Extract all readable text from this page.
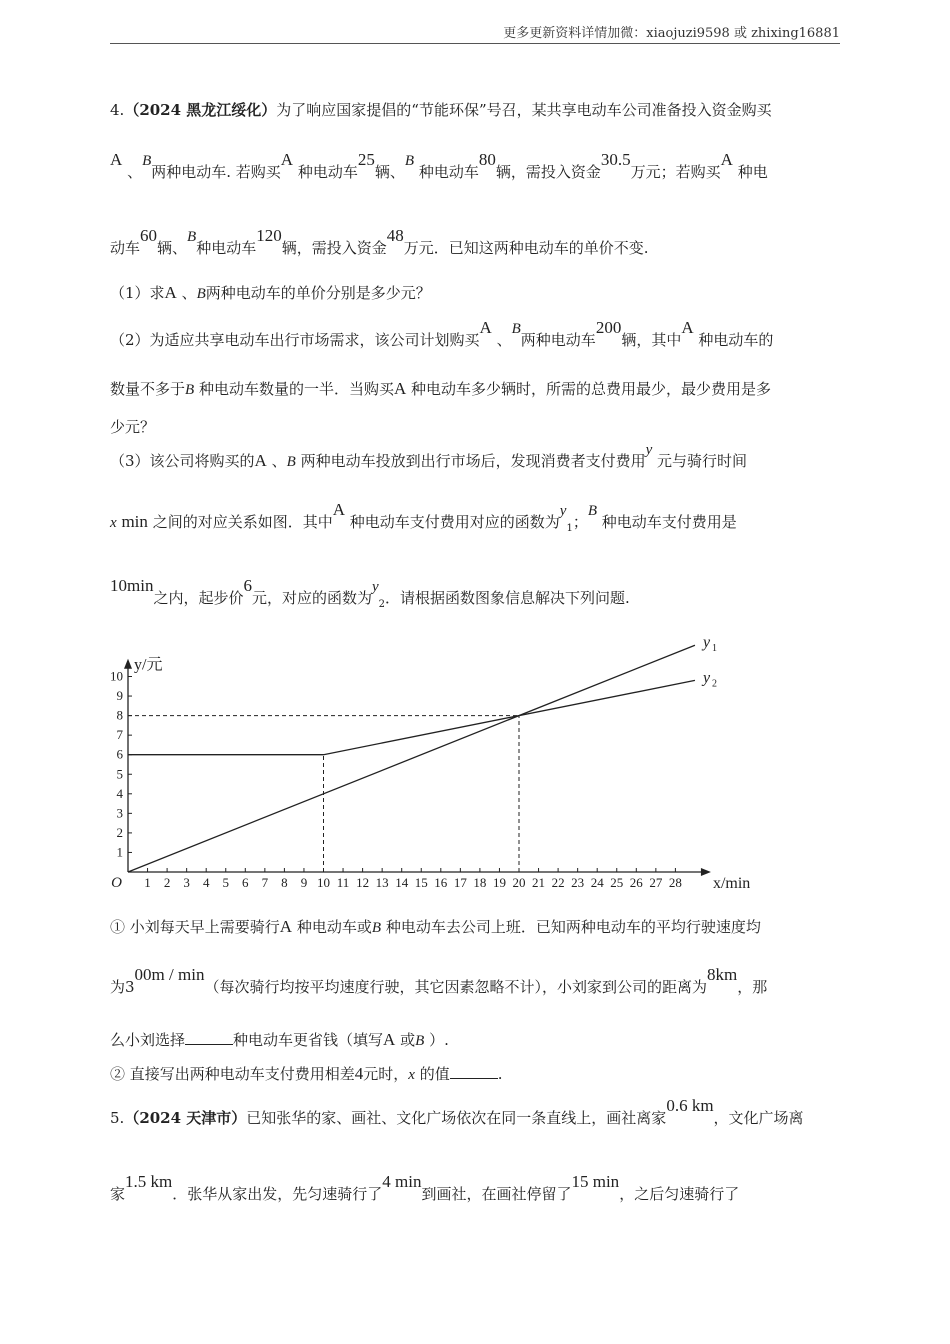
更多更新资料详情加微：xiaojuzi9598 或 zhixing16881
4.（2024 黑龙江绥化）为了响应国家提倡的“节能环保”号召，某共享电动车公司准备投入资金购买
A 、B两种电动车. 若购买A 种电动车25辆、B 种电动车80辆，需投入资金30.5万元；若购买A 种电
动车60辆、B种电动车120辆，需投入资金48万元．已知这两种电动车的单价不变.
（1）求A 、B两种电动车的单价分别是多少元？
（2）为适应共享电动车出行市场需求，该公司计划购买A 、B两种电动车200辆，其中A 种电动车的
数量不多于B 种电动车数量的一半．当购买A 种电动车多少辆时，所需的总费用最少，最少费用是多
少元？
（3）该公司将购买的A 、B 两种电动车投放到出行市场后，发现消费者支付费用y 元与骑行时间
x min 之间的对应关系如图．其中A 种电动车支付费用对应的函数为$y_1$；B 种电动车支付费用是
10min之内，起步价6元，对应的函数为$y_2$．请根据函数图象信息解决下列问题.
1 2 3 4 5 6 7 8 9 10 11 12 13 14 15 16 17 18 19 20 21 22 23 24 25 26 27 28
1
2
3
4
5
6
7
8
9
10
O	x/min
y/元
y 1
y 2
① 小刘每天早上需要骑行A 种电动车或B 种电动车去公司上班．已知两种电动车的平均行驶速度均
为300m / min（每次骑行均按平均速度行驶，其它因素忽略不计），小刘家到公司的距离为8km，那
么小刘选择	种电动车更省钱（填写A 或B ）.
② 直接写出两种电动车支付费用相差4元时，x 的值	.
5.（2024 天津市）已知张华的家、画社、文化广场依次在同一条直线上，画社离家0.6 km，文化广场离
家1.5 km．张华从家出发，先匀速骑行了4 min到画社，在画社停留了15 min，之后匀速骑行了
